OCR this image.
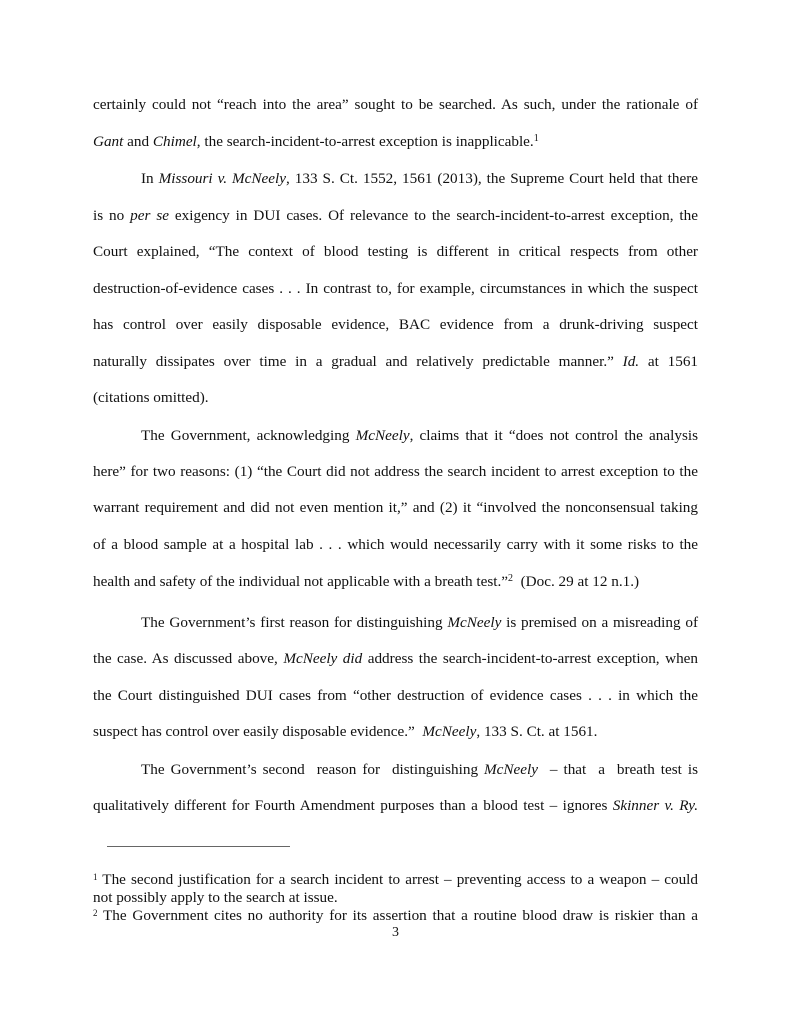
certainly could not “reach into the area” sought to be searched. As such, under the rationale of
Gant and Chimel, the search-incident-to-arrest exception is inapplicable.$^1$
In Missouri v. McNeely, 133 S. Ct. 1552, 1561 (2013), the Supreme Court held that there
is no per se exigency in DUI cases. Of relevance to the search-incident-to-arrest exception, the
Court explained, “The context of blood testing is different in critical respects from other
destruction-of-evidence cases . . . In contrast to, for example, circumstances in which the suspect
has control over easily disposable evidence, BAC evidence from a drunk-driving suspect
naturally dissipates over time in a gradual and relatively predictable manner.” Id. at 1561
(citations omitted).
The Government, acknowledging McNeely, claims that it “does not control the analysis
here” for two reasons: (1) “the Court did not address the search incident to arrest exception to the
warrant requirement and did not even mention it,” and (2) it “involved the nonconsensual taking
of a blood sample at a hospital lab . . . which would necessarily carry with it some risks to the
health and safety of the individual not applicable with a breath test.”$^2$  (Doc. 29 at 12 n.1.)
The Government’s first reason for distinguishing McNeely is premised on a misreading of
the case. As discussed above, McNeely did address the search-incident-to-arrest exception, when
the Court distinguished DUI cases from “other destruction of evidence cases . . . in which the
suspect has control over easily disposable evidence.”  McNeely, 133 S. Ct. at 1561.
The Government’s second  reason for  distinguishing McNeely  – that  a  breath test is
qualitatively different for Fourth Amendment purposes than a blood test – ignores Skinner v. Ry.
$^1$ The second justification for a search incident to arrest – preventing access to a weapon – could
not possibly apply to the search at issue.
$^2$ The Government cites no authority for its assertion that a routine blood draw is riskier than a
3
